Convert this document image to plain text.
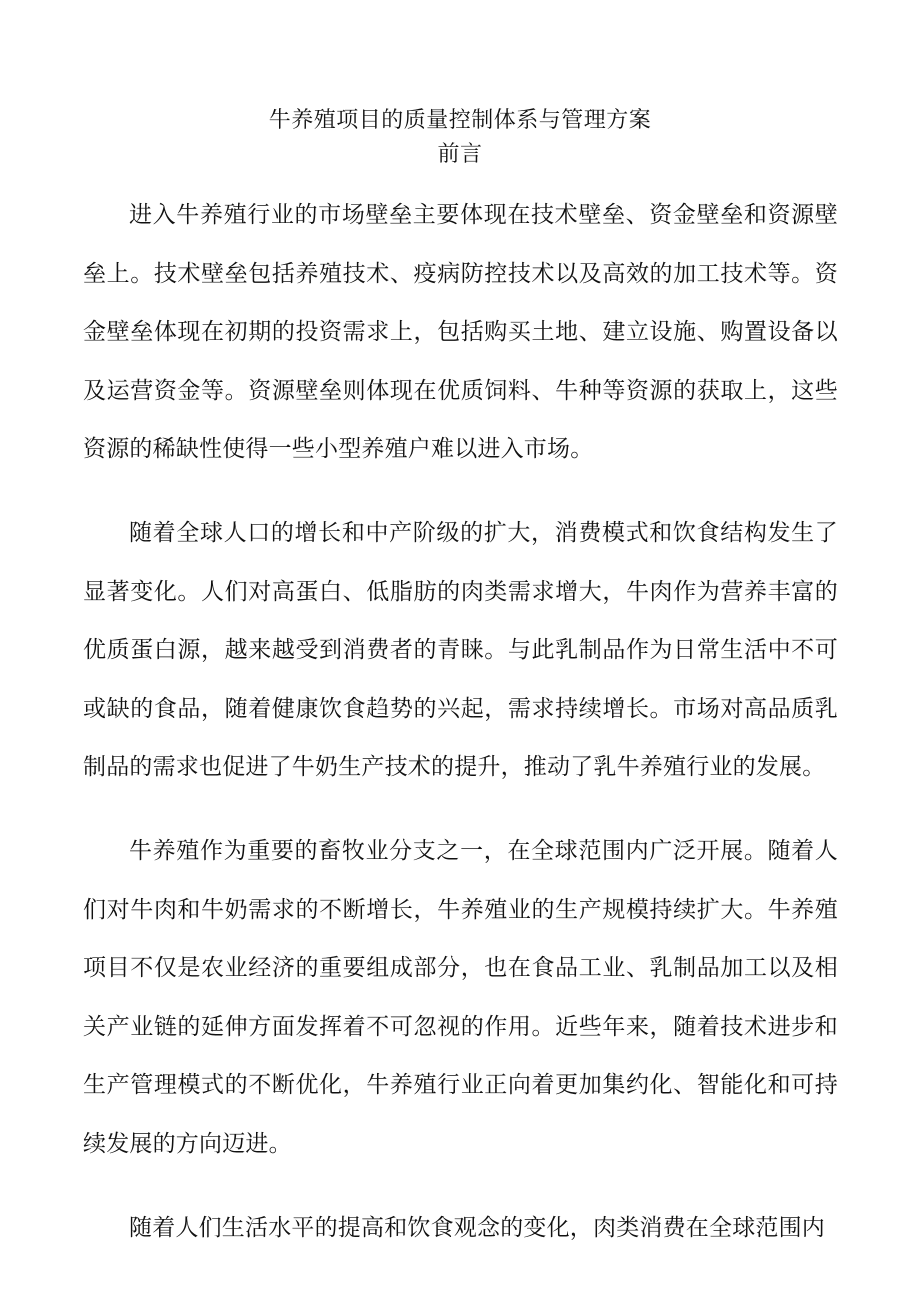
牛养殖项目的质量控制体系与管理方案
前言

进入牛养殖行业的市场壁垒主要体现在技术壁垒、资金壁垒和资源壁垒上。技术壁垒包括养殖技术、疫病防控技术以及高效的加工技术等。资金壁垒体现在初期的投资需求上，包括购买土地、建立设施、购置设备以及运营资金等。资源壁垒则体现在优质饲料、牛种等资源的获取上，这些资源的稀缺性使得一些小型养殖户难以进入市场。

随着全球人口的增长和中产阶级的扩大，消费模式和饮食结构发生了显著变化。人们对高蛋白、低脂肪的肉类需求增大，牛肉作为营养丰富的优质蛋白源，越来越受到消费者的青睐。与此乳制品作为日常生活中不可或缺的食品，随着健康饮食趋势的兴起，需求持续增长。市场对高品质乳制品的需求也促进了牛奶生产技术的提升，推动了乳牛养殖行业的发展。

牛养殖作为重要的畜牧业分支之一，在全球范围内广泛开展。随着人们对牛肉和牛奶需求的不断增长，牛养殖业的生产规模持续扩大。牛养殖项目不仅是农业经济的重要组成部分，也在食品工业、乳制品加工以及相关产业链的延伸方面发挥着不可忽视的作用。近些年来，随着技术进步和生产管理模式的不断优化，牛养殖行业正向着更加集约化、智能化和可持续发展的方向迈进。

随着人们生活水平的提高和饮食观念的变化，肉类消费在全球范围内
